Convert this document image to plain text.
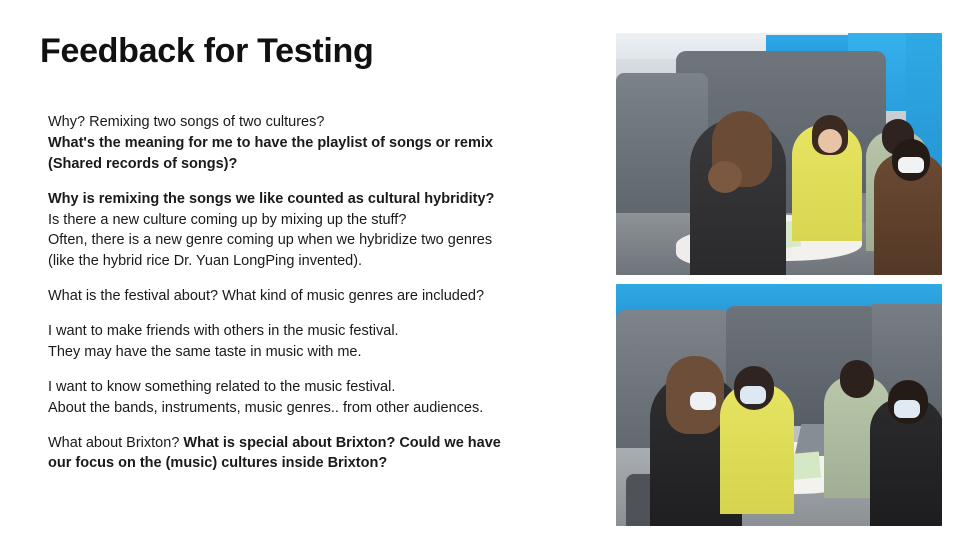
Feedback for Testing

Why? Remixing two songs of two cultures?
What's the meaning for me to have the playlist of songs or remix
(Shared records of songs)?

Why is remixing the songs we like counted as cultural hybridity?
Is there a new culture coming up by mixing up the stuff?
Often, there is a new genre coming up when we hybridize two genres
(like the hybrid rice Dr. Yuan LongPing invented).

What is the festival about? What kind of music genres are included?

I want to make friends with others in the music festival.
They may have the same taste in music with me.

I want to know something related to the music festival.
About the bands, instruments, music genres.. from other audiences.

What about Brixton? What is special about Brixton? Could we have
our focus on the (music) cultures inside Brixton?
